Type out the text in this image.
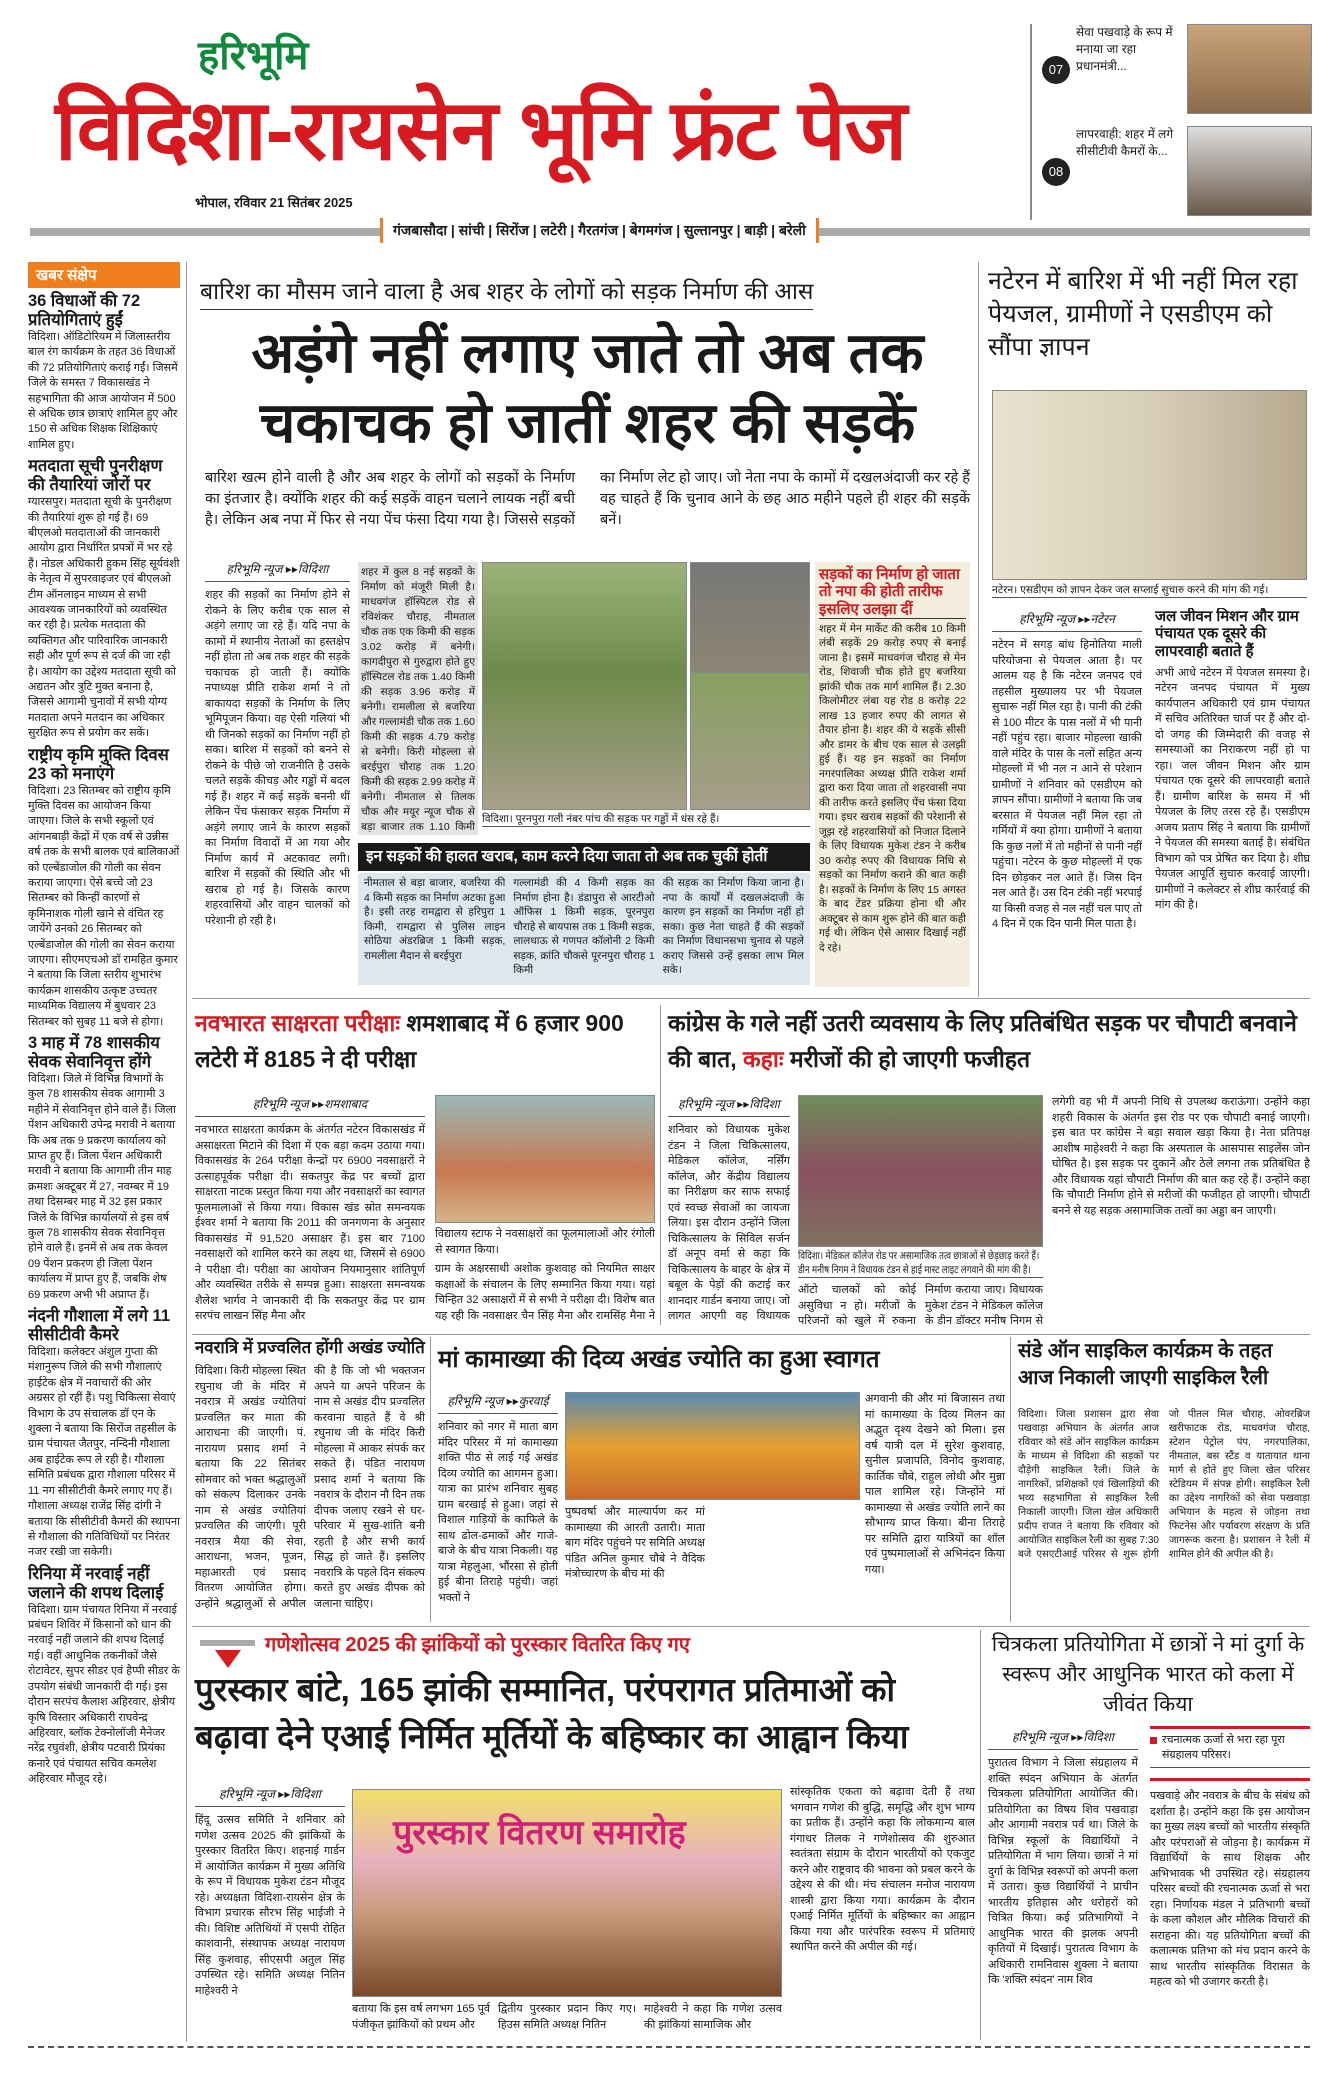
हरिभूमि
विदिशा-रायसेन भूमि फ्रंट पेज
भोपाल, रविवार 21 सितंबर 2025
गंजबासौदा | सांची | सिरोंज | लटेरी | गैरतगंज | बेगमगंज | सुल्तानपुर | बाड़ी | बरेली
07
सेवा पखवाड़े के रूप में मनाया जा रहा प्रधानमंत्री...
08
लापरवाही: शहर में लगे सीसीटीवी कैमरों के...
खबर संक्षेप
36 विधाओं की 72 प्रतियोगिताएं हुईं
विदिशा। ऑडिटोरियम में जिलास्तरीय बाल रंग कार्यक्रम के तहत 36 विधाओं की 72 प्रतियोगिताएं कराई गईं। जिसमें जिले के समस्त 7 विकासखंड ने सहभागिता की आज आयोजन में 500 से अधिक छात्र छात्राएं शामिल हुए और 150 से अधिक शिक्षक शिक्षिकाएं शामिल हुए।
मतदाता सूची पुनरीक्षण की तैयारियां जोरों पर
ग्यारसपुर। मतदाता सूची के पुनरीक्षण की तैयारियां शुरू हो गई हैं। 69 बीएलओ मतदाताओं की जानकारी आयोग द्वारा निर्धारित प्रपत्रों में भर रहे हैं। नोडल अधिकारी हुकम सिंह सूर्यवंशी के नेतृत्व में सुपरवाइजर एवं बीएलओ टीम ऑनलाइन माध्यम से सभी आवश्यक जानकारियों को व्यवस्थित कर रही है। प्रत्येक मतदाता की व्यक्तिगत और पारिवारिक जानकारी सही और पूर्ण रूप से दर्ज की जा रही है। आयोग का उद्देश्य मतदाता सूची को अद्यतन और त्रुटि मुक्त बनाना है, जिससे आगामी चुनावों में सभी योग्य मतदाता अपने मतदान का अधिकार सुरक्षित रूप से प्रयोग कर सकें।
राष्ट्रीय कृमि मुक्ति दिवस 23 को मनाएंगे
विदिशा। 23 सितम्बर को राष्ट्रीय कृमि मुक्ति दिवस का आयोजन किया जाएगा। जिले के सभी स्कूलों एवं आंगनबाड़ी केंद्रों में एक वर्ष से उन्नीस वर्ष तक के सभी बालक एवं बालिकाओं को एल्बेंडाजोल की गोली का सेवन कराया जाएगा। ऐसे बच्चे जो 23 सितम्बर को किन्हीं कारणों से कृमिनाशक गोली खाने से वंचित रह जायेंगे उनको 26 सितम्बर को एल्बेंडाजोल की गोली का सेवन कराया जाएगा। सीएमएचओ डॉ रामहित कुमार ने बताया कि जिला स्तरीय शुभारंभ कार्यक्रम शासकीय उत्कृष्ट उच्चतर माध्यमिक विद्यालय में बुधवार 23 सितम्बर को सुबह 11 बजे से होगा।
3 माह में 78 शासकीय सेवक सेवानिवृत्त होंगे
विदिशा। जिले में विभिन्न विभागों के कुल 78 शासकीय सेवक आगामी 3 महीने में सेवानिवृत्त होने वाले हैं। जिला पेंशन अधिकारी उपेन्द्र मरावी ने बताया कि अब तक 9 प्रकरण कार्यालय को प्राप्त हुए हैं। जिला पेंशन अधिकारी मरावी ने बताया कि आगामी तीन माह क्रमशः अक्टूबर में 27, नवम्बर में 19 तथा दिसम्बर माह में 32 इस प्रकार जिले के विभिन्न कार्यालयों से इस वर्ष कुल 78 शासकीय सेवक सेवानिवृत्त होने वाले हैं। इनमें से अब तक केवल 09 पेंशन प्रकरण ही जिला पेंशन कार्यालय में प्राप्त हुए हैं, जबकि शेष 69 प्रकरण अभी भी अप्राप्त हैं।
नंदनी गौशाला में लगे 11 सीसीटीवी कैमरे
विदिशा। कलेक्टर अंशुल गुप्ता की मंशानुरूप जिले की सभी गौशालाएं हाईटेक क्षेत्र में नवाचारों की ओर अग्रसर हो रहीं हैं। पशु चिकित्सा सेवाएं विभाग के उप संचालक डॉ एन के शुक्ला ने बताया कि सिरोंज तहसील के ग्राम पंचायत जैतपुर, नन्दिनी गौशाला अब हाईटेक रूप ले रही है। गौशाला समिति प्रबंधक द्वारा गौशाला परिसर में 11 नग सीसीटीवी कैमरे लगाए गए हैं। गौशाला अध्यक्ष राजेंद्र सिंह दांगी ने बताया कि सीसीटीवी कैमरों की स्थापना से गौशाला की गतिविधियों पर निरंतर नजर रखी जा सकेगी।
रिनिया में नरवाई नहीं जलाने की शपथ दिलाई
विदिशा। ग्राम पंचायत रिनिया में नरवाई प्रबंधन शिविर में किसानों को धान की नरवाई नहीं जलाने की शपथ दिलाई गई। वहीं आधुनिक तकनीकों जैसे रोटावेटर, सुपर सीडर एवं हैप्पी सीडर के उपयोग संबंधी जानकारी दी गई। इस दौरान सरपंच कैलाश अहिरवार, क्षेत्रीय कृषि विस्तार अधिकारी राघवेन्द्र अहिरवार, ब्लॉक टेक्नोलॉजी मैनेजर नरेंद्र रघुवंशी, क्षेत्रीय पटवारी प्रियंका कनारे एवं पंचायत सचिव कमलेश अहिरवार मौजूद रहे।
बारिश का मौसम जाने वाला है अब शहर के लोगों को सड़क निर्माण की आस
अड़ंगे नहीं लगाए जाते तो अब तक चकाचक हो जातीं शहर की सड़कें
बारिश खत्म होने वाली है और अब शहर के लोगों को सड़कों के निर्माण का इंतजार है। क्योंकि शहर की कई सड़कें वाहन चलाने लायक नहीं बची है। लेकिन अब नपा में फिर से नया पेंच फंसा दिया गया है। जिससे सड़कों का निर्माण लेट हो जाए। जो नेता नपा के कामों में दखलअंदाजी कर रहे हैं वह चाहते हैं कि चुनाव आने के छह आठ महीने पहले ही शहर की सड़कें बनें।
हरिभूमि न्यूज ▸▸विदिशा
शहर की सड़कों का निर्माण होने से रोकने के लिए करीब एक साल से अड़ंगे लगाए जा रहे हैं। यदि नपा के कामों में स्थानीय नेताओं का हस्तक्षेप नहीं होता तो अब तक शहर की सड़कें चकाचक हो जाती हैं। क्योंकि नपाध्यक्ष प्रीति राकेश शर्मा ने तो बाकायदा सड़कों के निर्माण के लिए भूमिपूजन किया। वह ऐसी गलियां भी थी जिनको सड़कों का निर्माण नहीं हो सका। बारिश में सड़कों को बनने से रोकने के पीछे जो राजनीति है उसके चलते सड़कें कीचड़ और गड्ढों में बदल गई हैं। शहर में कई सड़कें बननी थीं लेकिन पेंच फंसाकर सड़क निर्माण में अड़ंगे लगाए जाने के कारण सड़कों का निर्माण विवादों में आ गया और निर्माण कार्य में अटकावट लगी। बारिश में सड़कों की स्थिति और भी खराब हो गई है। जिसके कारण शहरवासियों और वाहन चालकों को परेशानी हो रही है।
शहर में कुल 8 नई सड़कों के निर्माण को मंजूरी मिली है। माधवगंज हॉस्पिटल रोड से रविशंकर चौराह, नीमताल चौक तक एक किमी की सड़क 3.02 करोड़ में बनेगी। कागदीपुरा से गुरुद्वारा होते हुए हॉस्पिटल रोड तक 1.40 किमी की सड़क 3.96 करोड़ में बनेगी। रामलीला से बजरिया और गल्लामंडी चौक तक 1.60 किमी की सड़क 4.79 करोड़ से बनेगी। किरी मोहल्ला से बरईपुरा चौराह तक 1.20 किमी की सड़क 2.99 करोड़ में बनेगी। नीमताल से तिलक चौक और मयूर न्यूज चौक से बड़ा बाजार तक 1.10 किमी
विदिशा। पूरनपुरा गली नंबर पांच की सड़क पर गड्ढों में धंस रहे हैं।
सड़कों का निर्माण हो जाता तो नपा की होती तारीफ इसलिए उलझा दीं
शहर में मेन मार्केट की करीब 10 किमी लंबी सड़कें 29 करोड़ रुपए से बनाई जाना है। इसमें माधवगंज चौराह से मेन रोड, शिवाजी चौक होते हुए बजरिया झांकी चौक तक मार्ग शामिल हैं। 2.30 किलोमीटर लंबा यह रोड 8 करोड़ 22 लाख 13 हजार रुपए की लागत से तैयार होना है। शहर की ये सड़कें सीसी और डामर के बीच एक साल से उलझी हुई हैं। यह इन सड़कों का निर्माण नगरपालिका अध्यक्ष प्रीति राकेश शर्मा द्वारा करा दिया जाता तो शहरवासी नपा की तारीफ करते इसलिए पेंच फंसा दिया गया। इधर खराब सड़कों की परेशानी से जूझ रहे शहरवासियों को निजात दिलाने के लिए विधायक मुकेश टंडन ने करीब 30 करोड़ रुपए की विधायक निधि से सड़कों का निर्माण कराने की बात कही है। सड़कों के निर्माण के लिए 15 अगस्त के बाद टेंडर प्रक्रिया होना थी और अक्टूबर से काम शुरू होने की बात कही गई थी। लेकिन ऐसे आसार दिखाई नहीं दे रहे।
इन सड़कों की हालत खराब, काम करने दिया जाता तो अब तक चुकीं होतीं
नीमताल से बड़ा बाजार, बजरिया की 4 किमी सड़क का निर्माण अटका हुआ है। इसी तरह रामद्वारा से हरिपुरा 1 किमी, रामद्वारा से पुलिस लाइन सोठिया अंडरब्रिज 1 किमी सड़क, रामलीला मैदान से बरईपुरा
गल्लामंडी की 4 किमी सड़क का निर्माण होना है। डंडापुरा से आरटीओ ऑफिस 1 किमी सड़क, पूरनपुरा चौराहे से बायपास तक 1 किमी सड़क, लालधाऊ से गणपत कॉलोनी 2 किमी सड़क, क्रांति चौकसे पूरनपुरा चौराह 1 किमी
की सड़क का निर्माण किया जाना है। नपा के कार्यों में दखलअंदाजी के कारण इन सड़कों का निर्माण नहीं हो सका। कुछ नेता चाहते हैं की सड़कों का निर्माण विधानसभा चुनाव से पहले कराए जिससे उन्हें इसका लाभ मिल सके।
नटेरन में बारिश में भी नहीं मिल रहा पेयजल, ग्रामीणों ने एसडीएम को सौंपा ज्ञापन
नटेरन। एसडीएम को ज्ञापन देकर जल सप्लाई सुचारु करने की मांग की गई।
हरिभूमि न्यूज ▸▸नटेरन
नटेरन में सगड़ बांध हिनोतिया माली परियोजना से पेयजल आता है। पर आलम यह है कि नटेरन जनपद एवं तहसील मुख्यालय पर भी पेयजल सुचारू नहीं मिल रहा है। पानी की टंकी से 100 मीटर के पास नलों में भी पानी नहीं पहुंच रहा। बाजार मोहल्ला खाकी वाले मंदिर के पास के नलों सहित अन्य मोहल्लों में भी नल न आने से परेशान ग्रामीणों ने शनिवार को एसडीएम को ज्ञापन सौंपा। ग्रामीणों ने बताया कि जब बरसात में पेयजल नहीं मिल रहा तो गर्मियों में क्या होगा। ग्रामीणों ने बताया कि कुछ नलों में तो महीनों से पानी नहीं पहुंचा। नटेरन के कुछ मोहल्लों में एक दिन छोड़कर नल आते हैं। जिस दिन नल आते हैं। उस दिन टंकी नहीं भरपाई या किसी वजह से नल नहीं चल पाए तो 4 दिन में एक दिन पानी मिल पाता है।
जल जीवन मिशन और ग्राम पंचायत एक दूसरे की लापरवाही बताते हैं
अभी आधे नटेरन में पेयजल समस्या है। नटेरन जनपद पंचायत में मुख्य कार्यपालन अधिकारी एवं ग्राम पंचायत में सचिव अतिरिक्त चार्ज पर हैं और दो-दो जगह की जिम्मेदारी की वजह से समस्याओं का निराकरण नहीं हो पा रहा। जल जीवन मिशन और ग्राम पंचायत एक दूसरे की लापरवाही बताते हैं। ग्रामीण बारिश के समय में भी पेयजल के लिए तरस रहे हैं। एसडीएम अजय प्रताप सिंह ने बताया कि ग्रामीणों ने पेयजल की समस्या बताई है। संबंधित विभाग को पत्र प्रेषित कर दिया है। शीघ्र पेयजल आपूर्ति सुचारु करवाई जाएगी। ग्रामीणों ने कलेक्टर से शीघ्र कार्रवाई की मांग की है।
नवभारत साक्षरता परीक्षाः शमशाबाद में 6 हजार 900 लटेरी में 8185 ने दी परीक्षा
हरिभूमि न्यूज ▸▸शमशाबाद
नवभारत साक्षरता कार्यक्रम के अंतर्गत नटेरन विकासखंड में असाक्षरता मिटाने की दिशा में एक बड़ा कदम उठाया गया। विकासखंड के 264 परीक्षा केन्द्रों पर 6900 नवसाक्षरों ने उत्साहपूर्वक परीक्षा दी। सकतपुर केंद्र पर बच्चों द्वारा साक्षरता नाटक प्रस्तुत किया गया और नवसाक्षरों का स्वागत फूलमालाओं से किया गया। विकास खंड स्रोत समन्वयक ईश्वर शर्मा ने बताया कि 2011 की जनगणना के अनुसार विकासखंड में 91,520 असाक्षर हैं। इस बार 7100 नवसाक्षरों को शामिल करने का लक्ष्य था, जिसमें से 6900 ने परीक्षा दी। परीक्षा का आयोजन नियमानुसार शांतिपूर्ण और व्यवस्थित तरीके से सम्पन्न हुआ। साक्षरता समन्वयक शैलेश भार्गव ने जानकारी दी कि सकतपुर केंद्र पर ग्राम सरपंच लाखन सिंह मैना और
विद्यालय स्टाफ ने नवसाक्षरों का फूलमालाओं और रंगोली से स्वागत किया।
ग्राम के अक्षरसाथी अशोक कुशवाह को नियमित साक्षर कक्षाओं के संचालन के लिए सम्मानित किया गया। यहां चिन्हित 32 असाक्षरों में से सभी ने परीक्षा दी। विशेष बात यह रही कि नवसाक्षर चैन सिंह मैना और रामसिंह मैना ने
कांग्रेस के गले नहीं उतरी व्यवसाय के लिए प्रतिबंधित सड़क पर चौपाटी बनवाने की बात, कहाः मरीजों की हो जाएगी फजीहत
हरिभूमि न्यूज ▸▸विदिशा
शनिवार को विधायक मुकेश टंडन ने जिला चिकित्सालय, मेडिकल कॉलेज, नर्सिंग कॉलेज, और केंद्रीय विद्यालय का निरीक्षण कर साफ सफाई एवं स्वच्छ सेवाओं का जायजा लिया। इस दौरान उन्होंने जिला चिकित्सालय के सिविल सर्जन डॉ अनूप वर्मा से कहा कि चिकित्सालय के बाहर के क्षेत्र में बबूल के पेड़ों की कटाई कर शानदार गार्डन बनाया जाए। जो लागत आएगी वह विधायक
विदिशा। मेडिकल कॉलेज रोड पर असामाजिक तत्व छात्राओं से छेड़छाड़ करते हैं। डीन मनीष निगम ने विधायक टंडन से हाई मास्ट लाइट लगवाने की मांग की है।
ऑटो चालकों को कोई असुविधा न हो। मरीजों के परिजनों को खुले में रुकना
निर्माण कराया जाए। विधायक मुकेश टंडन ने मेडिकल कॉलेज के डीन डॉक्टर मनीष निगम से
लगेगी वह भी मैं अपनी निधि से उपलब्ध कराऊंगा। उन्होंने कहा शहरी विकास के अंतर्गत इस रोड पर एक चौपाटी बनाई जाएगी। इस बात पर कांग्रेस ने बड़ा सवाल खड़ा किया है। नेता प्रतिपक्ष आशीष माहेश्वरी ने कहा कि अस्पताल के आसपास साइलेंस जोन घोषित है। इस सड़क पर दुकानें और ठेले लगना तक प्रतिबंधित है और विधायक यहां चौपाटी निर्माण की बात कह रहे हैं। उन्होंने कहा कि चौपाटी निर्माण होने से मरीजों की फजीहत हो जाएगी। चौपाटी बनने से यह सड़क असामाजिक तत्वों का अड्डा बन जाएगी।
नवरात्रि में प्रज्वलित होंगी अखंड ज्योति
विदिशा। किरी मोहल्ला स्थित रघुनाथ जी के मंदिर में नवरात्र में अखंड ज्योतियां प्रज्वलित कर माता की आराधना की जाएगी। पं. नारायण प्रसाद शर्मा ने बताया कि 22 सितंबर सोमवार को भक्त श्रद्धालुओं को संकल्प दिलाकर उनके नाम से अखंड ज्योतियां प्रज्वलित की जाएंगी। पूरी नवरात्र मैया की सेवा, आराधना, भजन, पूजन, महाआरती एवं प्रसाद वितरण आयोजित होगा। उन्होंने श्रद्धालुओं से अपील की है कि जो भी भक्तजन अपने या अपने परिजन के नाम से अखंड दीप प्रज्वलित करवाना चाहते हैं वे श्री रघुनाथ जी के मंदिर किरी मोहल्ला में आकर संपर्क कर सकते हैं। पंडित नारायण प्रसाद शर्मा ने बताया कि नवरात्र के दौरान नौ दिन तक दीपक जलाए रखने से घर-परिवार में सुख-शांति बनी रहती है और सभी कार्य सिद्ध हो जाते हैं। इसलिए नवरात्रि के पहले दिन संकल्प करते हुए अखंड दीपक को जलाना चाहिए।
मां कामाख्या की दिव्य अखंड ज्योति का हुआ स्वागत
हरिभूमि न्यूज ▸▸कुरवाई
शनिवार को नगर में माता बाग मंदिर परिसर में मां कामाख्या शक्ति पीठ से लाई गई अखंड दिव्य ज्योति का आगमन हुआ। यात्रा का प्रारंभ शनिवार सुबह ग्राम बरखाई से हुआ। जहां से विशाल गाड़ियों के काफिले के साथ ढोल-ढमाकों और गाजे-बाजे के बीच यात्रा निकली। यह यात्रा मेहलुआ, भौंरसा से होती हुई बीना तिराहे पहुंची। जहां भक्तों ने
पुष्पवर्षा और माल्यार्पण कर मां कामाख्या की आरती उतारी। माता बाग मंदिर पहुंचने पर समिति अध्यक्ष पंडित अनिल कुमार चौबे ने वैदिक मंत्रोच्चारण के बीच मां की
अगवानी की और मां बिजासन तथा मां कामाख्या के दिव्य मिलन का अद्भुत दृश्य देखने को मिला। इस वर्ष यात्री दल में सुरेश कुशवाह, सुनील प्रजापति, विनोद कुशवाह, कार्तिक चौबे, राहुल लोधी और मुन्ना पाल शामिल रहे। जिन्होंने मां कामाख्या से अखंड ज्योति लाने का सौभाग्य प्राप्त किया। बीना तिराहे पर समिति द्वारा यात्रियों का शॉल एवं पुष्पमालाओं से अभिनंदन किया गया।
संडे ऑन साइकिल कार्यक्रम के तहत आज निकाली जाएगी साइकिल रैली
विदिशा। जिला प्रशासन द्वारा सेवा पखवाड़ा अभियान के अंतर्गत आज रविवार को संडे ऑन साइकिल कार्यक्रम के माध्यम से विदिशा की सड़कों पर दौड़ेगी साइकिल रैली। जिले के नागरिकों, प्रशिक्षकों एवं खिलाड़ियों की भव्य सहभागिता से साइकिल रैली निकाली जाएगी। जिला खेल अधिकारी प्रदीप राजत ने बताया कि रविवार को आयोजित साइकिल रैली का सुबह 7:30 बजे एसएटीआई परिसर से शुरू होगी जो पीतल मिल चौराह, ओवरब्रिज खरीफाटक रोड, माधवगंज चौराह, स्टेशन पेट्रोल पंप, नगरपालिका, नीमताल, बस स्टैंड व यातायात थाना मार्ग से होते हुए जिला खेल परिसर स्टेडियम में संपन्न होगी। साइकिल रैली का उद्देश्य नागरिकों को सेवा पखवाड़ा अभियान के महत्व से जोड़ना तथा फिटनेस और पर्यावरण संरक्षण के प्रति जागरूक करना है। प्रशासन ने रैली में शामिल होने की अपील की है।
गणेशोत्सव 2025 की झांकियों को पुरस्कार वितरित किए गए
पुरस्कार बांटे, 165 झांकी सम्मानित, परंपरागत प्रतिमाओं को बढ़ावा देने एआई निर्मित मूर्तियों के बहिष्कार का आह्वान किया
हरिभूमि न्यूज ▸▸विदिशा
हिंदू उत्सव समिति ने शनिवार को गणेश उत्सव 2025 की झांकियों के पुरस्कार वितरित किए। शहनाई गार्डन में आयोजित कार्यक्रम में मुख्य अतिथि के रूप में विधायक मुकेश टंडन मौजूद रहे। अध्यक्षता विदिशा-रायसेन क्षेत्र के विभाग प्रचारक सौरभ सिंह भाईजी ने की। विशिष्ट अतिथियों में एसपी रोहित काशवानी, संस्थापक अध्यक्ष नारायण सिंह कुशवाह, सीएसपी अतुल सिंह उपस्थित रहे। समिति अध्यक्ष नितिन माहेश्वरी ने
पुरस्कार वितरण समारोह
बताया कि इस वर्ष लगभग 165 पूर्व पंजीकृत झांकियों को प्रथम और
द्वितीय पुरस्कार प्रदान किए गए। हिउस समिति अध्यक्ष नितिन
माहेश्वरी ने कहा कि गणेश उत्सव की झांकियां सामाजिक और
सांस्कृतिक एकता को बढ़ावा देती हैं तथा भगवान गणेश की बुद्धि, समृद्धि और शुभ भाग्य का प्रतीक हैं। उन्होंने कहा कि लोकमान्य बाल गंगाधर तिलक ने गणेशोत्सव की शुरुआत स्वतंत्रता संग्राम के दौरान भारतीयों को एकजुट करने और राष्ट्रवाद की भावना को प्रबल करने के उद्देश्य से की थी। मंच संचालन मनोज नारायण शास्त्री द्वारा किया गया। कार्यक्रम के दौरान एआई निर्मित मूर्तियों के बहिष्कार का आह्वान किया गया और पारंपरिक स्वरूप में प्रतिमाएं स्थापित करने की अपील की गई।
चित्रकला प्रतियोगिता में छात्रों ने मां दुर्गा के स्वरूप और आधुनिक भारत को कला में जीवंत किया
हरिभूमि न्यूज ▸▸विदिशा
पुरातत्व विभाग ने जिला संग्रहालय में शक्ति स्पंदन अभियान के अंतर्गत चित्रकला प्रतियोगिता आयोजित की। प्रतियोगिता का विषय शिव पखवाड़ा और आगामी नवरात्र पर्व था। जिले के विभिन्न स्कूलों के विद्यार्थियों ने प्रतियोगिता में भाग लिया। छात्रों ने मां दुर्गा के विभिन्न स्वरूपों को अपनी कला में उतारा। कुछ विद्यार्थियों ने प्राचीन भारतीय इतिहास और धरोहरों को चित्रित किया। कई प्रतिभागियों ने आधुनिक भारत की झलक अपनी कृतियों में दिखाई। पुरातत्व विभाग के अधिकारी रामनिवास शुक्ला ने बताया कि 'शक्ति स्पंदन' नाम शिव
रचनात्मक ऊर्जा से भरा रहा पूरा संग्रहालय परिसर।
पखवाड़े और नवरात्र के बीच के संबंध को दर्शाता है। उन्होंने कहा कि इस आयोजन का मुख्य लक्ष्य बच्चों को भारतीय संस्कृति और परंपराओं से जोड़ना है। कार्यक्रम में विद्यार्थियों के साथ शिक्षक और अभिभावक भी उपस्थित रहे। संग्रहालय परिसर बच्चों की रचनात्मक ऊर्जा से भरा रहा। निर्णायक मंडल ने प्रतिभागी बच्चों के कला कौशल और मौलिक विचारों की सराहना की। यह प्रतियोगिता बच्चों की कलात्मक प्रतिभा को मंच प्रदान करने के साथ भारतीय सांस्कृतिक विरासत के महत्व को भी उजागर करती है।
